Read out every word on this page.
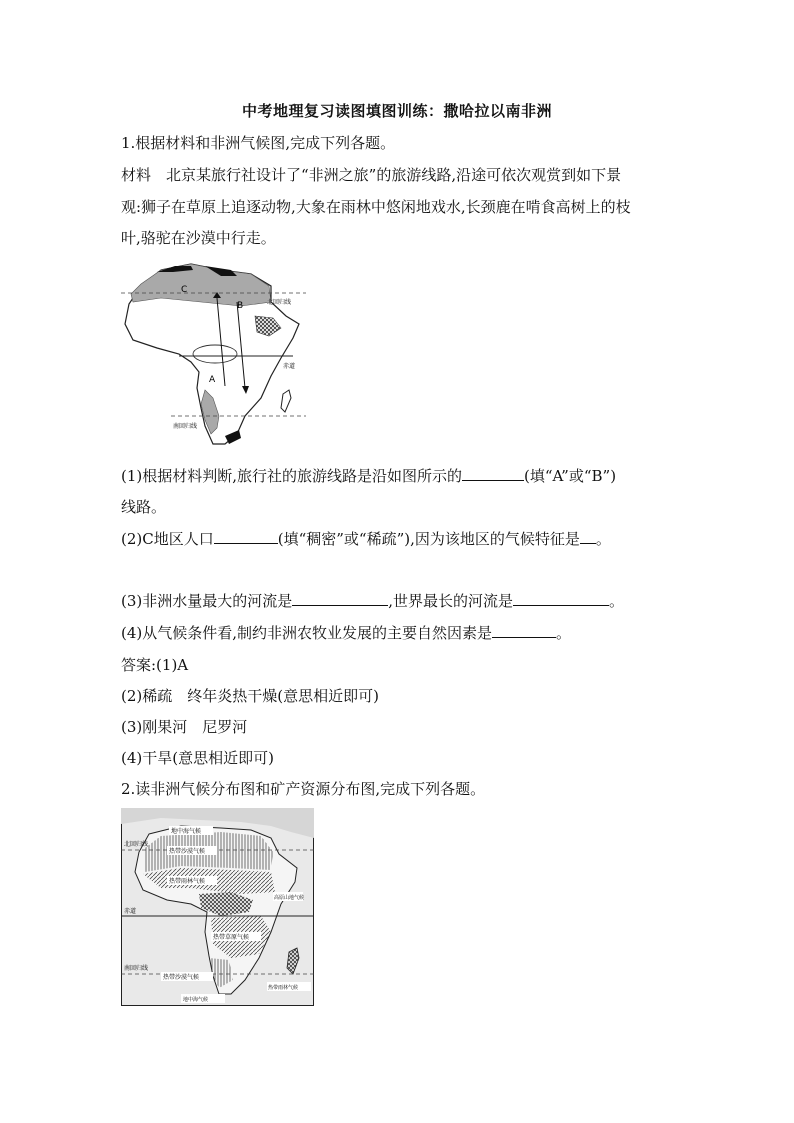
中考地理复习读图填图训练：撒哈拉以南非洲
1.根据材料和非洲气候图,完成下列各题。
材料　北京某旅行社设计了“非洲之旅”的旅游线路,沿途可依次观赏到如下景
观:狮子在草原上追逐动物,大象在雨林中悠闲地戏水,长颈鹿在啃食高树上的枝
叶,骆驼在沙漠中行走。
C
B
A
北回归线
赤道
南回归线
(1)根据材料判断,旅行社的旅游线路是沿如图所示的	(填“A”或“B”)
线路。
(2)C地区人口	(填“稠密”或“稀疏”),因为该地区的气候特征是 。
(3)非洲水量最大的河流是	,世界最长的河流是	。
(4)从气候条件看,制约非洲农牧业发展的主要自然因素是	。
答案:(1)A
(2)稀疏　终年炎热干燥(意思相近即可)
(3)刚果河　尼罗河
(4)干旱(意思相近即可)
2.读非洲气候分布图和矿产资源分布图,完成下列各题。
地中海气候
热带沙漠气候
热带雨林气候
热带草原气候
高原山地气候
北回归线
赤道
南回归线
热带沙漠气候
热带雨林气候
地中海气候
